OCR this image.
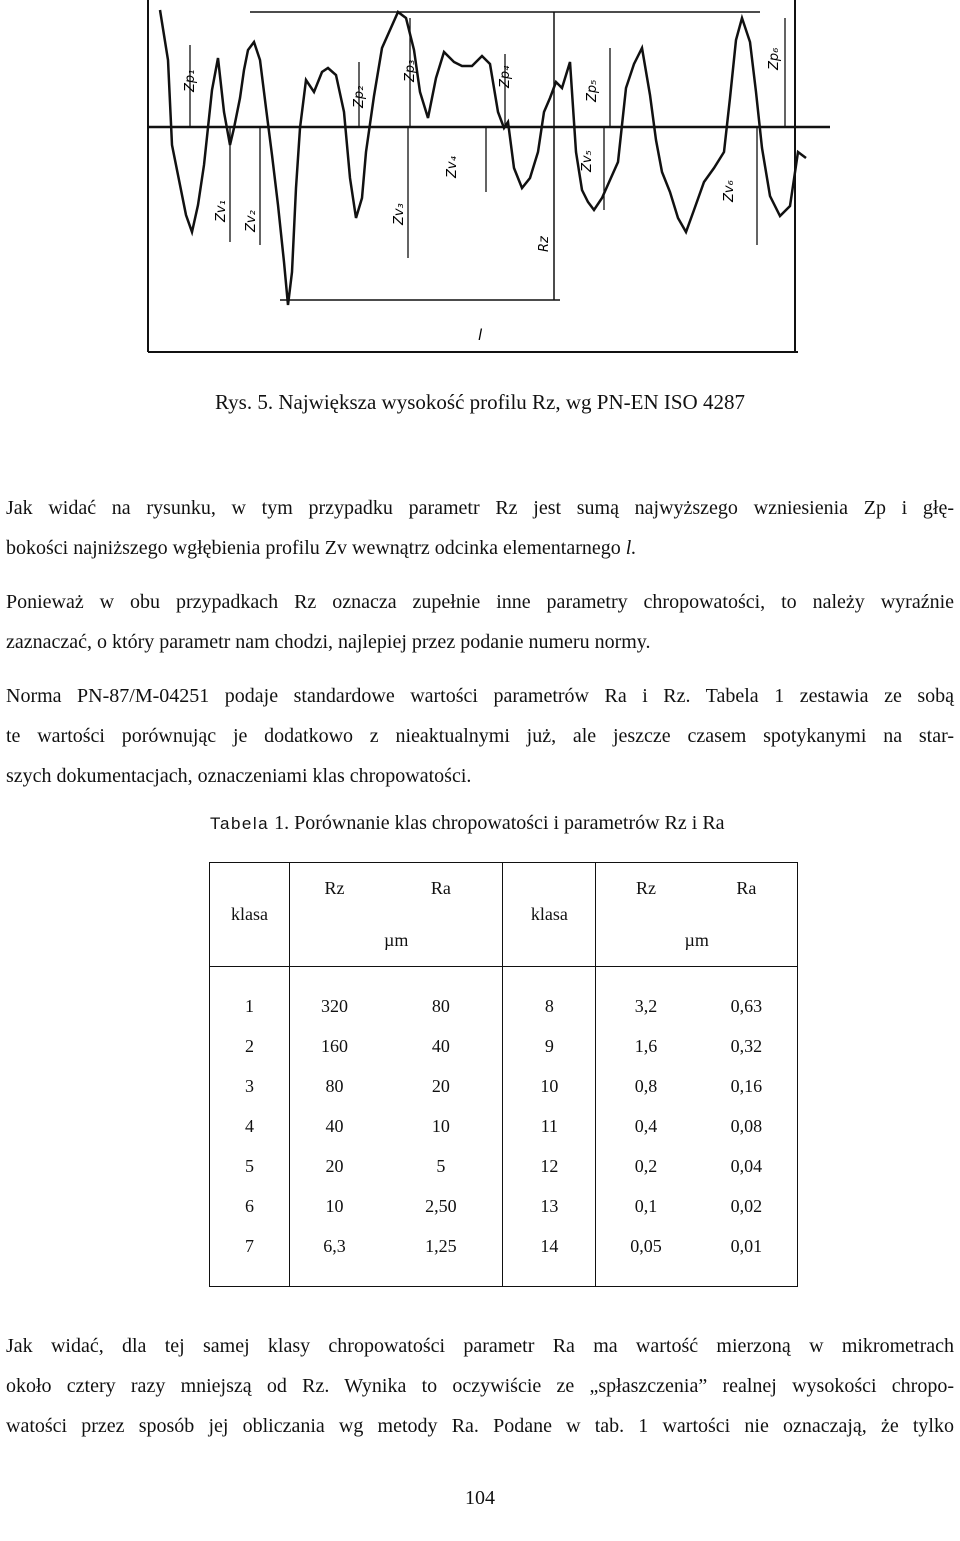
Zp₁
Zp₂
Zp₃	Zp₄
Zp₅
Zp₆
Zv₁ Zv₂	Zv₃
Zv₄	Zv₅
Zv₆
Rz
l
Rys. 5. Największa wysokość profilu Rz, wg PN-EN ISO 4287
Jak widać na rysunku, w tym przypadku parametr Rz jest sumą najwyższego wzniesienia Zp i głę-
bokości najniższego wgłębienia profilu Zv wewnątrz odcinka elementarnego l.
Ponieważ w obu przypadkach Rz oznacza zupełnie inne parametry chropowatości, to należy wyraźnie
zaznaczać, o który parametr nam chodzi, najlepiej przez podanie numeru normy.
Norma PN-87/M-04251 podaje standardowe wartości parametrów Ra i Rz. Tabela 1 zestawia ze sobą
te wartości porównując je dodatkowo z nieaktualnymi już, ale jeszcze czasem spotykanymi na star-
szych dokumentacjach, oznaczeniami klas chropowatości.
Tabela 1. Porównanie klas chropowatości i parametrów Rz i Ra
klasa	Rz	Ra	klasa	Rz	Ra
	µm			µm	

1	320	80	8	3,2	0,63
2	160	40	9	1,6	0,32
3	80	20	10	0,8	0,16
4	40	10	11	0,4	0,08
5	20	5	12	0,2	0,04
6	10	2,50	13	0,1	0,02
7	6,3	1,25	14	0,05	0,01

Jak widać, dla tej samej klasy chropowatości parametr Ra ma wartość mierzoną w mikrometrach
około cztery razy mniejszą od Rz. Wynika to oczywiście ze „spłaszczenia” realnej wysokości chropo-
watości przez sposób jej obliczania wg metody Ra. Podane w tab. 1 wartości nie oznaczają, że tylko
104
